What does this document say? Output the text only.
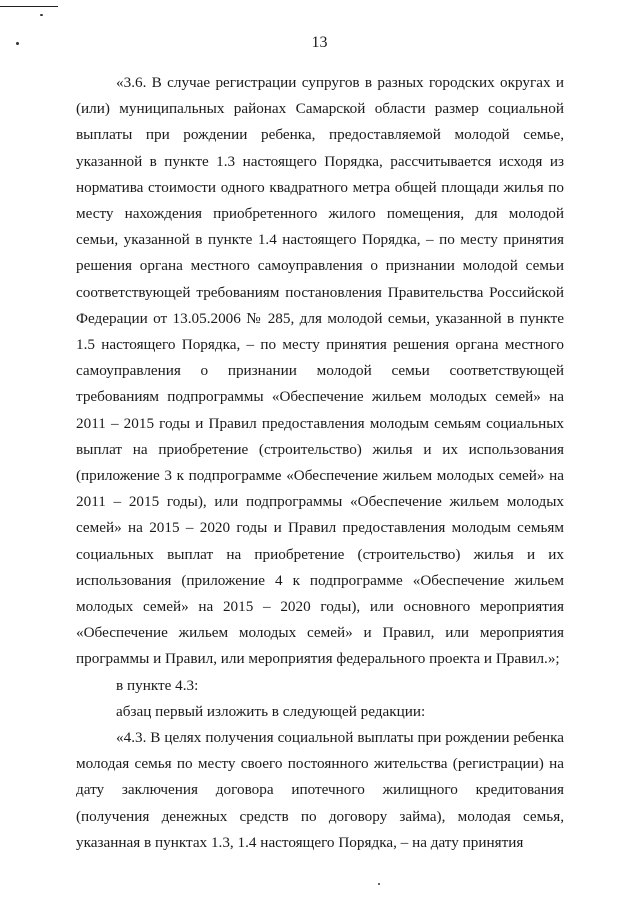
13

«3.6. В случае регистрации супругов в разных городских округах и (или) муниципальных районах Самарской области размер социальной выплаты при рождении ребенка, предоставляемой молодой семье, указанной в пункте 1.3 настоящего Порядка, рассчитывается исходя из норматива стоимости одного квадратного метра общей площади жилья по месту нахождения приобретенного жилого помещения, для молодой семьи, указанной в пункте 1.4 настоящего Порядка, – по месту принятия решения органа местного самоуправления о признании молодой семьи соответствующей требованиям постановления Правительства Российской Федерации от 13.05.2006 № 285, для молодой семьи, указанной в пункте 1.5 настоящего Порядка, – по месту принятия решения органа местного самоуправления о признании молодой семьи соответствующей требованиям подпрограммы «Обеспечение жильем молодых семей» на 2011 – 2015 годы и Правил предоставления молодым семьям социальных выплат на приобретение (строительство) жилья и их использования (приложение 3 к подпрограмме «Обеспечение жильем молодых семей» на 2011 – 2015 годы), или подпрограммы «Обеспечение жильем молодых семей» на 2015 – 2020 годы и Правил предоставления молодым семьям социальных выплат на приобретение (строительство) жилья и их использования (приложение 4 к подпрограмме «Обеспечение жильем молодых семей» на 2015 – 2020 годы), или основного мероприятия «Обеспечение жильем молодых семей» и Правил, или мероприятия программы и Правил, или мероприятия федерального проекта и Правил.»;

в пункте 4.3:

абзац первый изложить в следующей редакции:

«4.3. В целях получения социальной выплаты при рождении ребенка молодая семья по месту своего постоянного жительства (регистрации) на дату заключения договора ипотечного жилищного кредитования (получения денежных средств по договору займа), молодая семья, указанная в пунктах 1.3, 1.4 настоящего Порядка, – на дату принятия
